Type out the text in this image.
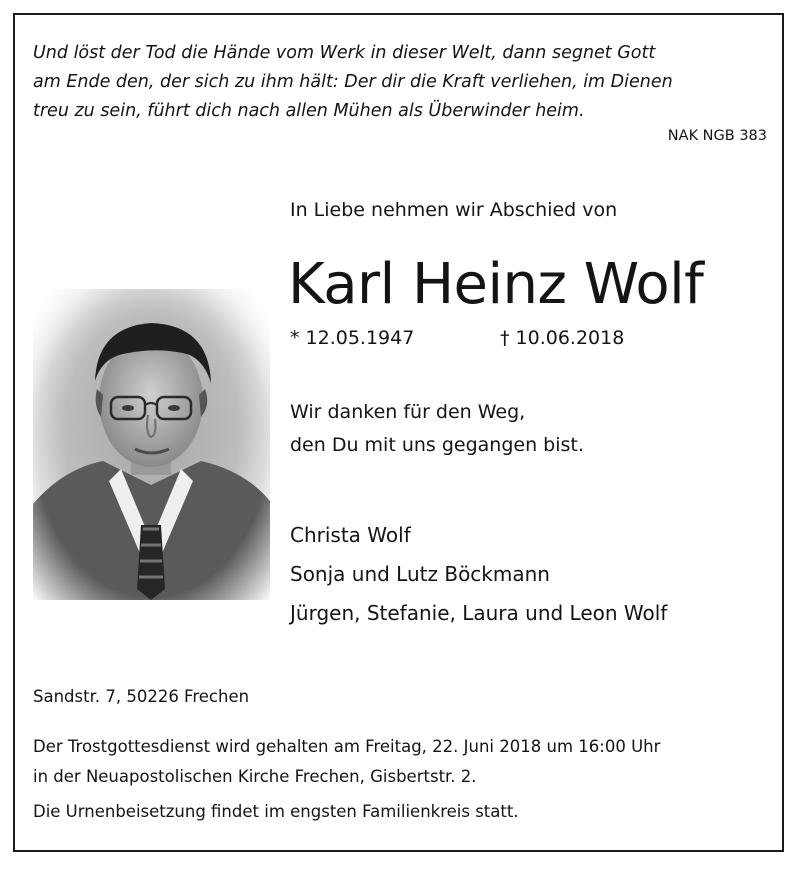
Und löst der Tod die Hände vom Werk in dieser Welt, dann segnet Gott
am Ende den, der sich zu ihm hält: Der dir die Kraft verliehen, im Dienen
treu zu sein, führt dich nach allen Mühen als Überwinder heim.
NAK NGB 383
In Liebe nehmen wir Abschied von
Karl Heinz Wolf
* 12.05.1947	† 10.06.2018
Wir danken für den Weg,
den Du mit uns gegangen bist.
Christa Wolf
Sonja und Lutz Böckmann
Jürgen, Stefanie, Laura und Leon Wolf
Sandstr. 7, 50226 Frechen
Der Trostgottesdienst wird gehalten am Freitag, 22. Juni 2018 um 16:00 Uhr
in der Neuapostolischen Kirche Frechen, Gisbertstr. 2.
Die Urnenbeisetzung findet im engsten Familienkreis statt.
